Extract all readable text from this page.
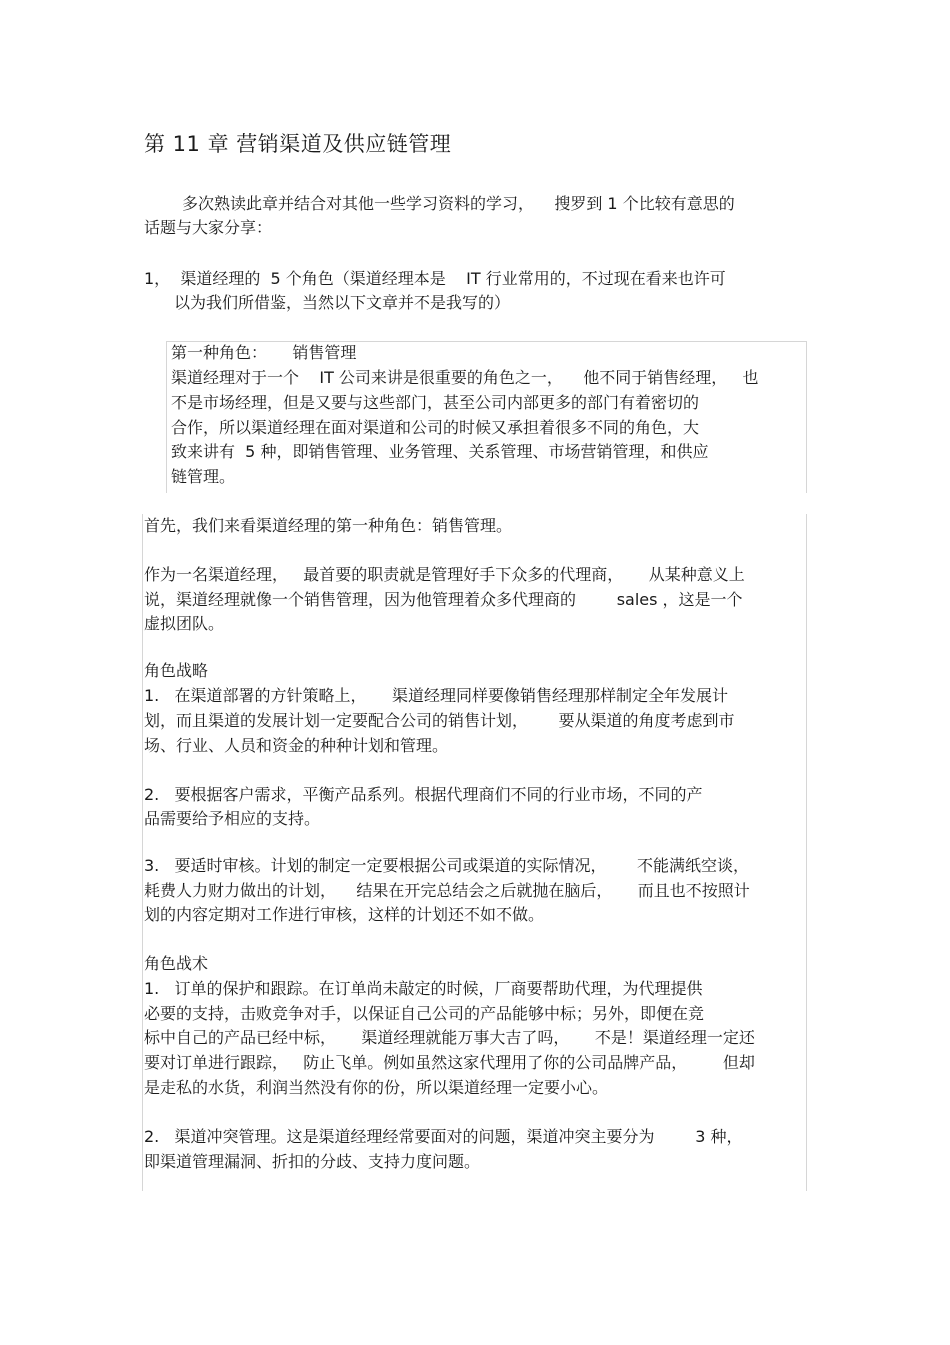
第 11 章 营销渠道及供应链管理
多次熟读此章并结合对其他一些学习资料的学习，    搜罗到 1 个比较有意思的
话题与大家分享：
1，  渠道经理的  5 个角色（渠道经理本是    IT 行业常用的，不过现在看来也许可
以为我们所借鉴，当然以下文章并不是我写的）
第一种角色：     销售管理
渠道经理对于一个    IT 公司来讲是很重要的角色之一，    他不同于销售经理，   也
不是市场经理，但是又要与这些部门，甚至公司内部更多的部门有着密切的
合作，所以渠道经理在面对渠道和公司的时候又承担着很多不同的角色，大
致来讲有  5 种，即销售管理、业务管理、关系管理、市场营销管理，和供应
链管理。
首先，我们来看渠道经理的第一种角色：销售管理。
作为一名渠道经理，   最首要的职责就是管理好手下众多的代理商，     从某种意义上
说，渠道经理就像一个销售管理，因为他管理着众多代理商的        sales ，这是一个
虚拟团队。
角色战略
1.   在渠道部署的方针策略上，     渠道经理同样要像销售经理那样制定全年发展计
划，而且渠道的发展计划一定要配合公司的销售计划，      要从渠道的角度考虑到市
场、行业、人员和资金的种种计划和管理。
2.   要根据客户需求，平衡产品系列。根据代理商们不同的行业市场，不同的产
品需要给予相应的支持。
3.   要适时审核。计划的制定一定要根据公司或渠道的实际情况，      不能满纸空谈，
耗费人力财力做出的计划，    结果在开完总结会之后就抛在脑后，     而且也不按照计
划的内容定期对工作进行审核，这样的计划还不如不做。
角色战术
1.   订单的保护和跟踪。在订单尚未敲定的时候，厂商要帮助代理，为代理提供
必要的支持，击败竞争对手，以保证自己公司的产品能够中标；另外，即便在竞
标中自己的产品已经中标，     渠道经理就能万事大吉了吗，     不是！渠道经理一定还
要对订单进行跟踪，   防止飞单。例如虽然这家代理用了你的公司品牌产品，       但却
是走私的水货，利润当然没有你的份，所以渠道经理一定要小心。
2.   渠道冲突管理。这是渠道经理经常要面对的问题，渠道冲突主要分为        3 种，
即渠道管理漏洞、折扣的分歧、支持力度问题。
